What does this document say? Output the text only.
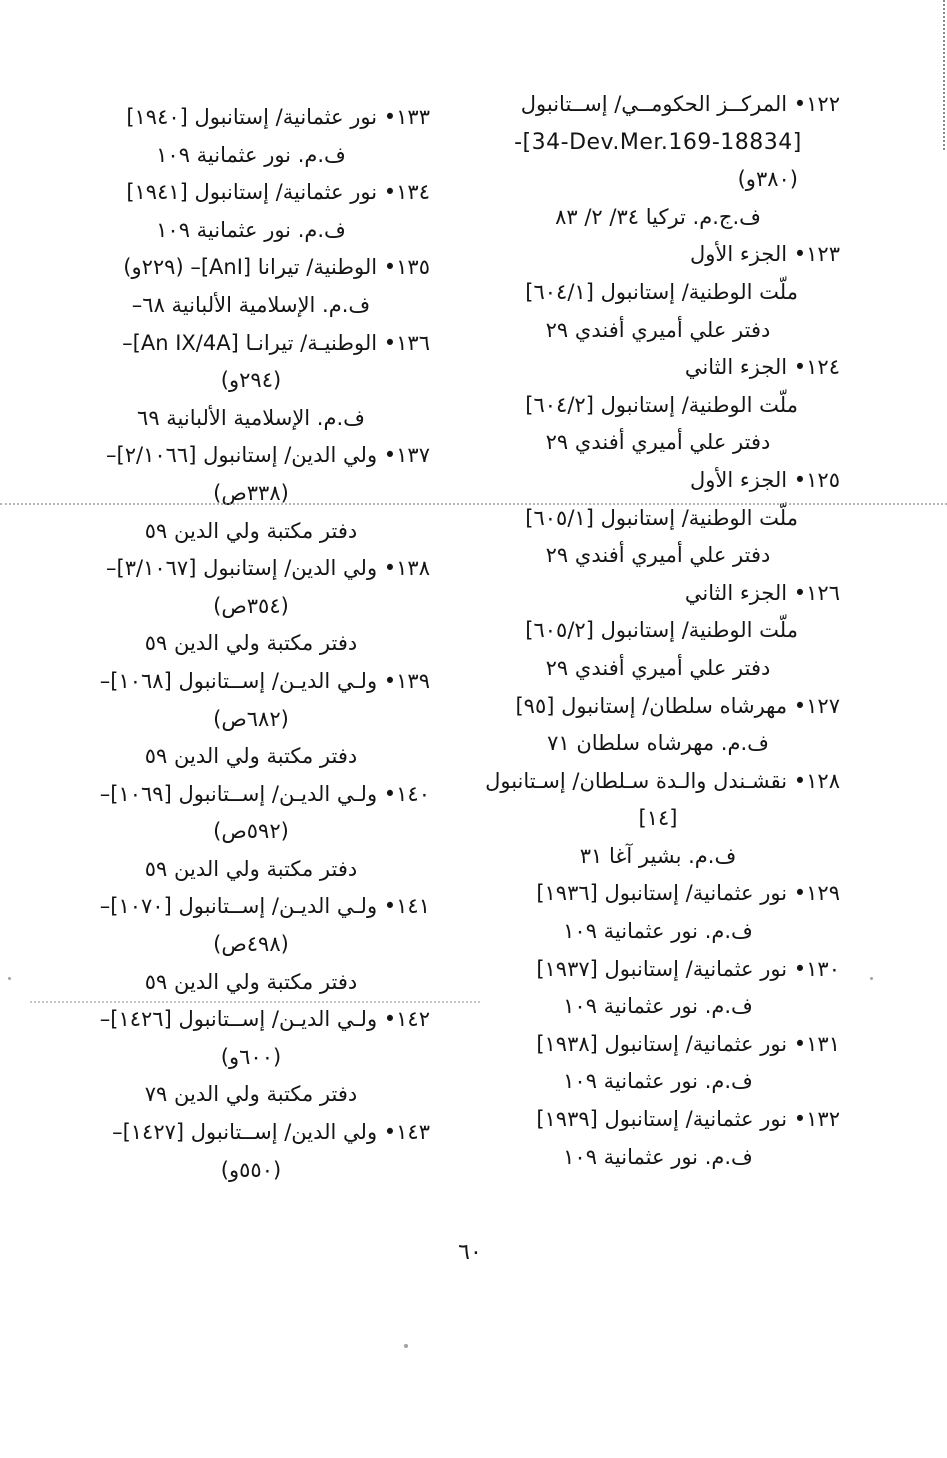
١٢٢• المركــز الحكومــي/ إســتانبول
-[34-Dev.Mer.169-18834]
(٣٨٠و)
ف.ج.م. تركيا ٣٤/ ٢/ ٨٣
١٢٣• الجزء الأول
ملّت الوطنية/ إستانبول [٦٠٤/١]
دفتر علي أميري أفندي ٢٩
١٢٤• الجزء الثاني
ملّت الوطنية/ إستانبول [٦٠٤/٢]
دفتر علي أميري أفندي ٢٩
١٢٥• الجزء الأول
ملّت الوطنية/ إستانبول [٦٠٥/١]
دفتر علي أميري أفندي ٢٩
١٢٦• الجزء الثاني
ملّت الوطنية/ إستانبول [٦٠٥/٢]
دفتر علي أميري أفندي ٢٩
١٢٧• مهرشاه سلطان/ إستانبول [٩٥]
ف.م. مهرشاه سلطان ٧١
١٢٨• نقشـندل والـدة سـلطان/ إسـتانبول
[١٤]
ف.م. بشير آغا ٣١
١٢٩• نور عثمانية/ إستانبول [١٩٣٦]
ف.م. نور عثمانية ١٠٩
١٣٠• نور عثمانية/ إستانبول [١٩٣٧]
ف.م. نور عثمانية ١٠٩
١٣١• نور عثمانية/ إستانبول [١٩٣٨]
ف.م. نور عثمانية ١٠٩
١٣٢• نور عثمانية/ إستانبول [١٩٣٩]
ف.م. نور عثمانية ١٠٩
١٣٣• نور عثمانية/ إستانبول [١٩٤٠]
ف.م. نور عثمانية ١٠٩
١٣٤• نور عثمانية/ إستانبول [١٩٤١]
ف.م. نور عثمانية ١٠٩
١٣٥• الوطنية/ تيرانا ⁦[AnI]⁩– (٢٢٩و)
ف.م. الإسلامية الألبانية ٦٨–
١٣٦• الوطنيـة/ تيرانـا ⁦[An IX/4A]⁩–
(٢٩٤و)
ف.م. الإسلامية الألبانية ٦٩
١٣٧• ولي الدين/ إستانبول [٢/١٠٦٦]–
(٣٣٨ص)
دفتر مكتبة ولي الدين ٥٩
١٣٨• ولي الدين/ إستانبول [٣/١٠٦٧]–
(٣٥٤ص)
دفتر مكتبة ولي الدين ٥٩
١٣٩• ولـي الديـن/ إســتانبول [١٠٦٨]–
(٦٨٢ص)
دفتر مكتبة ولي الدين ٥٩
١٤٠• ولـي الديـن/ إســتانبول [١٠٦٩]–
(٥٩٢ص)
دفتر مكتبة ولي الدين ٥٩
١٤١• ولـي الديـن/ إســتانبول [١٠٧٠]–
(٤٩٨ص)
دفتر مكتبة ولي الدين ٥٩
١٤٢• ولـي الديـن/ إســتانبول [١٤٢٦]–
(٦٠٠و)
دفتر مكتبة ولي الدين ٧٩
١٤٣• ولي الدين/ إســتانبول [١٤٢٧]–
(٥٥٠و)
٦٠
